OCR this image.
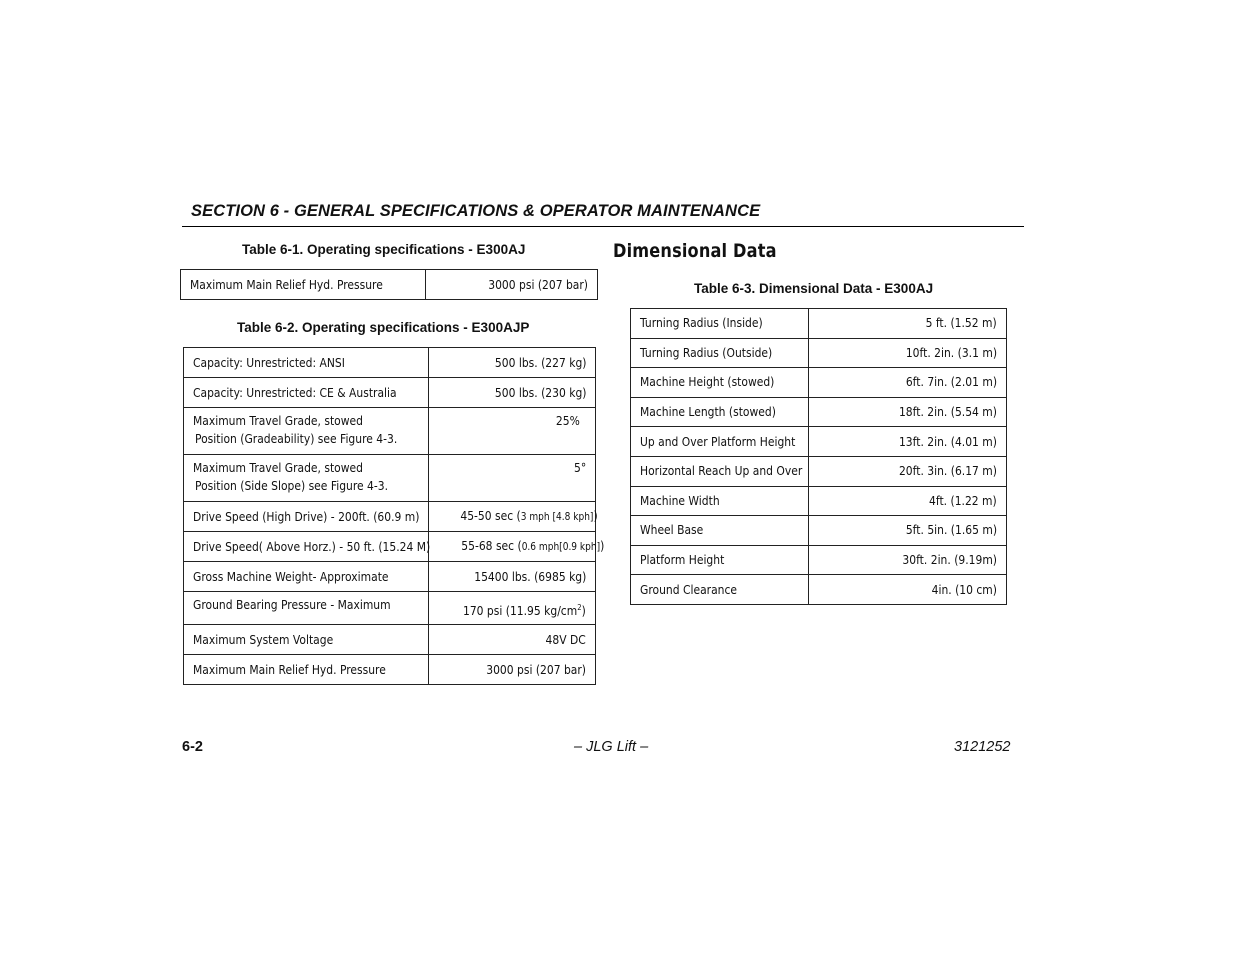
SECTION 6 - GENERAL SPECIFICATIONS & OPERATOR MAINTENANCE
Table 6-1. Operating specifications - E300AJ
Maximum Main Relief Hyd. Pressure	3000 psi (207 bar)
Table 6-2. Operating specifications - E300AJP
Capacity: Unrestricted: ANSI	500 lbs. (227 kg)
Capacity: Unrestricted: CE & Australia	500 lbs. (230 kg)
Maximum Travel Grade, stowed
Position (Gradeability) see Figure 4-3.	25%
Maximum Travel Grade, stowed
Position (Side Slope) see Figure 4-3.	5°
Drive Speed (High Drive) - 200ft. (60.9 m)	45-50 sec (3 mph [4.8 kph])
Drive Speed( Above Horz.) - 50 ft. (15.24 M)	55-68 sec (0.6 mph[0.9 kph])
Gross Machine Weight- Approximate	15400 lbs. (6985 kg)
Ground Bearing Pressure - Maximum	170 psi (11.95 $kg/cm^2$)
Maximum System Voltage	48V DC
Maximum Main Relief Hyd. Pressure	3000 psi (207 bar)
Dimensional Data
Table 6-3. Dimensional Data - E300AJ
Turning Radius (Inside)	5 ft. (1.52 m)
Turning Radius (Outside)	10ft. 2in. (3.1 m)
Machine Height (stowed)	6ft. 7in. (2.01 m)
Machine Length (stowed)	18ft. 2in. (5.54 m)
Up and Over Platform Height	13ft. 2in. (4.01 m)
Horizontal Reach Up and Over	20ft. 3in. (6.17 m)
Machine Width	4ft. (1.22 m)
Wheel Base	5ft. 5in. (1.65 m)
Platform Height	30ft. 2in. (9.19m)
Ground Clearance	4in. (10 cm)
6-2	– JLG Lift –	3121252
